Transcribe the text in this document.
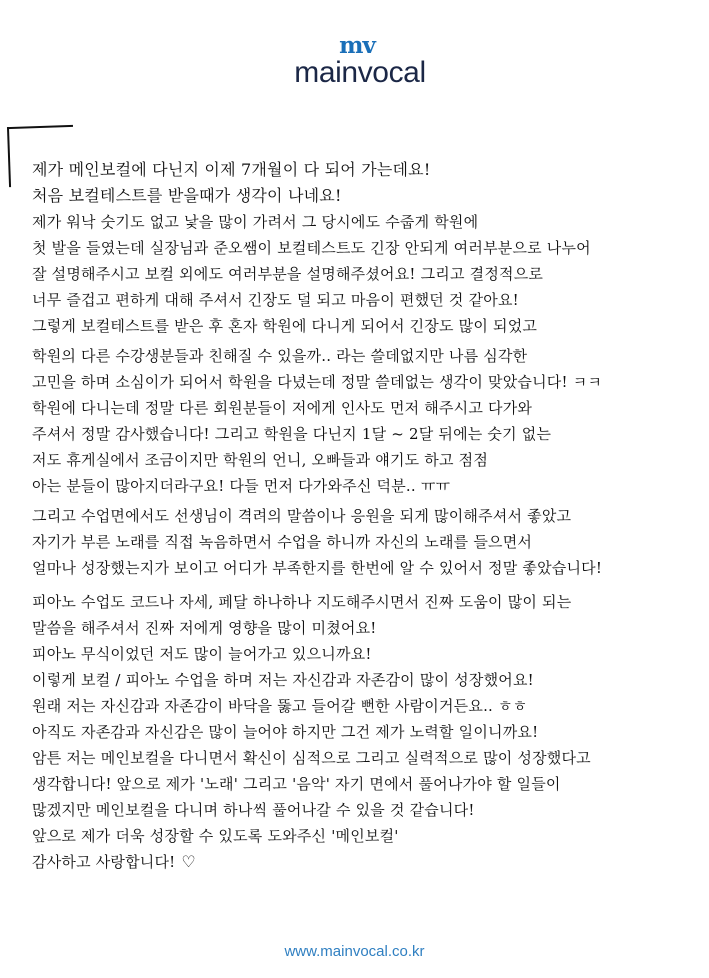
mv
mainvocal
제가 메인보컬에 다닌지 이제 7개월이 다 되어 가는데요!
처음 보컬테스트를 받을때가 생각이 나네요!
제가 워낙 숫기도 없고 낯을 많이 가려서 그 당시에도 수줍게 학원에
첫 발을 들였는데 실장님과 준오쌤이 보컬테스트도 긴장 안되게 여러부분으로 나누어
잘 설명해주시고 보컬 외에도 여러부분을 설명해주셨어요! 그리고 결정적으로
너무 즐겁고 편하게 대해 주셔서 긴장도 덜 되고 마음이 편했던 것 같아요!
그렇게 보컬테스트를 받은 후 혼자 학원에 다니게 되어서 긴장도 많이 되었고
학원의 다른 수강생분들과 친해질 수 있을까.. 라는 쓸데없지만 나름 심각한
고민을 하며 소심이가 되어서 학원을 다녔는데 정말 쓸데없는 생각이 맞았습니다! ㅋㅋ
학원에 다니는데 정말 다른 회원분들이 저에게 인사도 먼저 해주시고 다가와
주셔서 정말 감사했습니다! 그리고 학원을 다닌지 1달 ~ 2달 뒤에는 숫기 없는
저도 휴게실에서 조금이지만 학원의 언니, 오빠들과 얘기도 하고 점점
아는 분들이 많아지더라구요! 다들 먼저 다가와주신 덕분.. ㅠㅠ
그리고 수업면에서도 선생님이 격려의 말씀이나 응원을 되게 많이해주셔서 좋았고
자기가 부른 노래를 직접 녹음하면서 수업을 하니까 자신의 노래를 들으면서
얼마나 성장했는지가 보이고 어디가 부족한지를 한번에 알 수 있어서 정말 좋았습니다!
피아노 수업도 코드나 자세, 페달 하나하나 지도해주시면서 진짜 도움이 많이 되는
말씀을 해주셔서 진짜 저에게 영향을 많이 미쳤어요!
피아노 무식이었던 저도 많이 늘어가고 있으니까요!
이렇게 보컬 / 피아노 수업을 하며 저는 자신감과 자존감이 많이 성장했어요!
원래 저는 자신감과 자존감이 바닥을 뚫고 들어갈 뻔한 사람이거든요.. ㅎㅎ
아직도 자존감과 자신감은 많이 늘어야 하지만 그건 제가 노력할 일이니까요!
암튼 저는 메인보컬을 다니면서 확신이 심적으로 그리고 실력적으로 많이 성장했다고
생각합니다! 앞으로 제가 '노래' 그리고 '음악' 자기 면에서 풀어나가야 할 일들이
많겠지만 메인보컬을 다니며 하나씩 풀어나갈 수 있을 것 같습니다!
앞으로 제가 더욱 성장할 수 있도록 도와주신 '메인보컬'
감사하고 사랑합니다! ♡
www.mainvocal.co.kr
